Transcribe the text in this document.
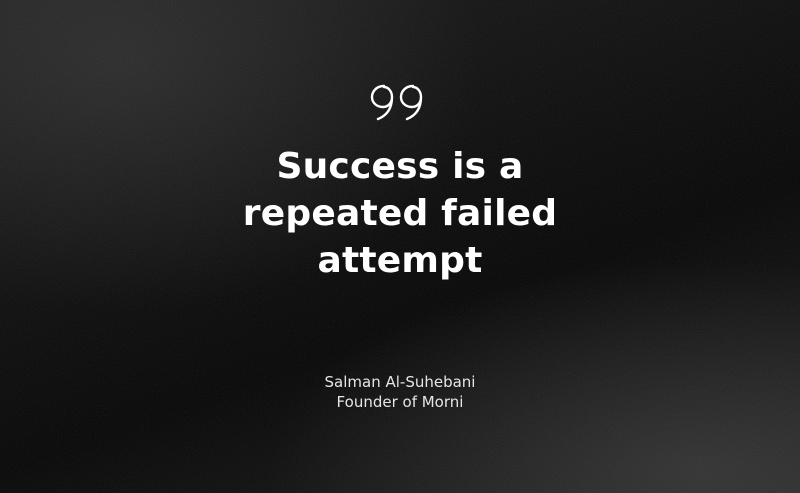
Success is a
repeated failed
attempt
Salman Al-Suhebani
Founder of Morni
